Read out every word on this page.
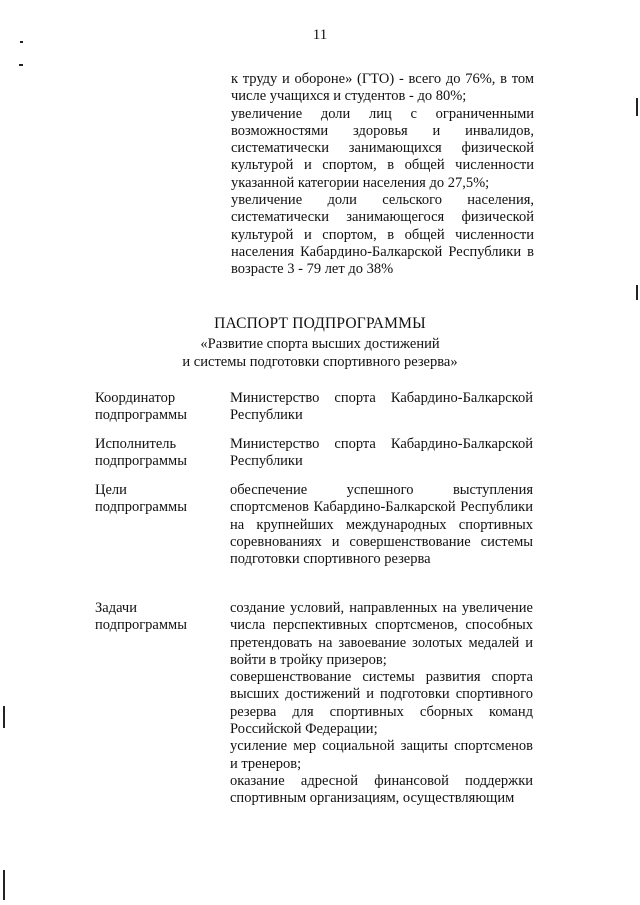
11
к труду и обороне» (ГТО) - всего до 76%, в том числе учащихся и студентов - до 80%;
увеличение доли лиц с ограниченными возможностями здоровья и инвалидов, систематически занимающихся физической культурой и спортом, в общей численности указанной категории населения до 27,5%;
увеличение доли сельского населения, систематически занимающегося физической культурой и спортом, в общей численности населения Кабардино-Балкарской Республики в возрасте 3 - 79 лет до 38%
ПАСПОРТ ПОДПРОГРАММЫ
«Развитие спорта высших достижений
и системы подготовки спортивного резерва»
Координатор подпрограммы
Министерство спорта Кабардино-Балкарской Республики
Исполнитель подпрограммы
Министерство спорта Кабардино-Балкарской Республики
Цели подпрограммы
обеспечение успешного выступления спортсменов Кабардино-Балкарской Республики на крупнейших международных спортивных соревнованиях и совершенствование системы подготовки спортивного резерва
Задачи подпрограммы
создание условий, направленных на увеличение числа перспективных спортсменов, способных претендовать на завоевание золотых медалей и войти в тройку призеров;
совершенствование системы развития спорта высших достижений и подготовки спортивного резерва для спортивных сборных команд Российской Федерации;
усиление мер социальной защиты спортсменов и тренеров;
оказание адресной финансовой поддержки спортивным организациям, осуществляющим
